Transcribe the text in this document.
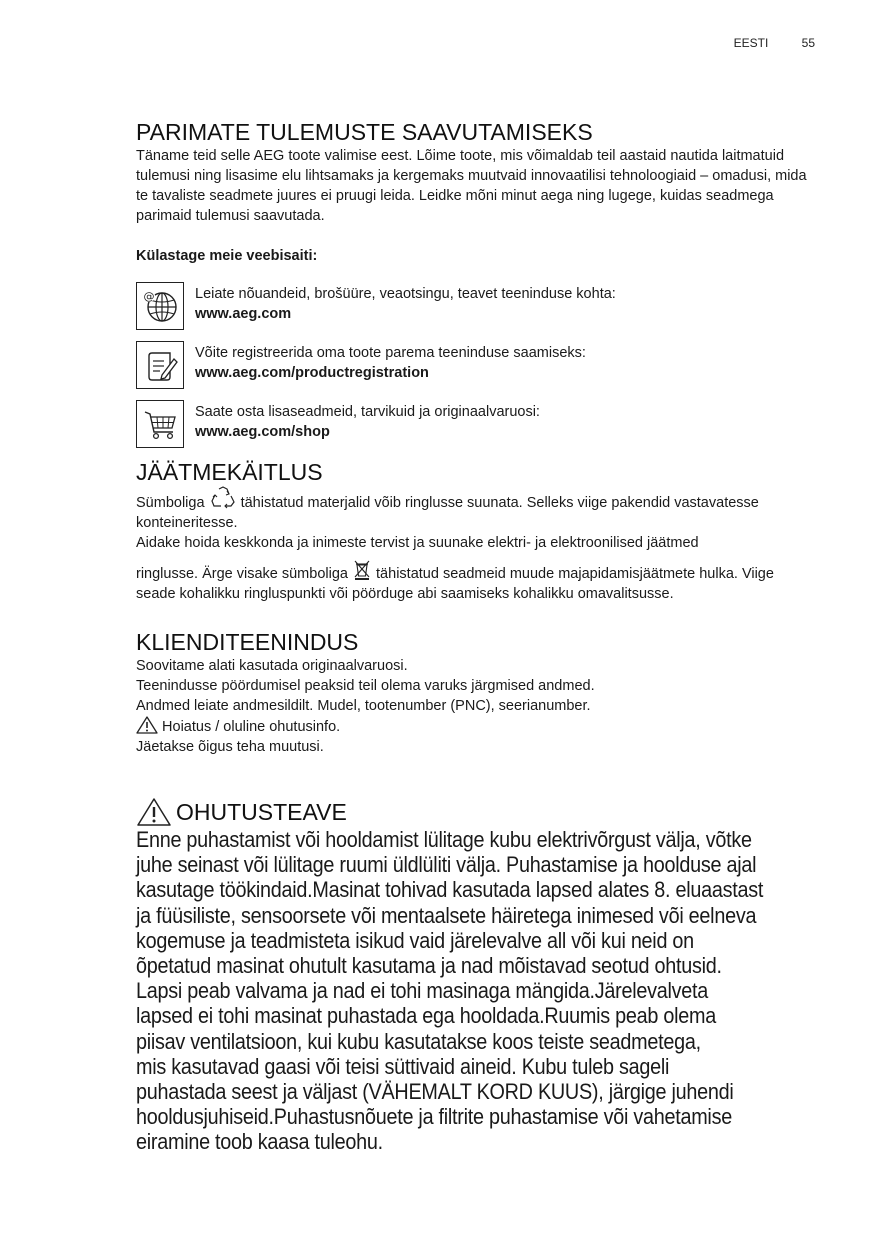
EESTI	55
PARIMATE TULEMUSTE SAAVUTAMISEKS

Täname teid selle AEG toote valimise eest. Lõime toote, mis võimaldab teil aastaid nautida laitmatuid tulemusi ning lisasime elu lihtsamaks ja kergemaks muutvaid innovaatilisi tehnoloogiaid – omadusi, mida te tavaliste seadmete juures ei pruugi leida. Leidke mõni minut aega ning lugege, kuidas seadmega parimaid tulemusi saavutada.

Külastage meie veebisaiti:

@	Leiate nõuandeid, brošüüre, veaotsingu, teavet teeninduse kohta:
www.aeg.com
Võite registreerida oma toote parema teeninduse saamiseks:
www.aeg.com/productregistration
Saate osta lisaseadmeid, tarvikuid ja originaalvaruosi:
www.aeg.com/shop
JÄÄTMEKÄITLUS

Sümboliga tähistatud materjalid võib ringlusse suunata. Selleks viige pakendid vastavatesse konteineritesse.

Aidake hoida keskkonda ja inimeste tervist ja suunake elektri- ja elektroonilised jäätmed

ringlusse. Ärge visake sümboliga tähistatud seadmeid muude majapidamisjäätmete hulka. Viige seade kohalikku ringluspunkti või pöörduge abi saamiseks kohalikku omavalitsusse.

KLIENDITEENINDUS

Soovitame alati kasutada originaalvaruosi.

Teenindusse pöördumisel peaksid teil olema varuks järgmised andmed.

Andmed leiate andmesildilt. Mudel, tootenumber (PNC), seerianumber.

Hoiatus / oluline ohutusinfo.

Jäetakse õigus teha muutusi.

OHUTUSTEAVE
Enne puhastamist või hooldamist lülitage kubu elektrivõrgust välja, võtke
juhe seinast või lülitage ruumi üldlüliti välja. Puhastamise ja hoolduse ajal
kasutage töökindaid.Masinat tohivad kasutada lapsed alates 8. eluaastast
ja füüsiliste, sensoorsete või mentaalsete häiretega inimesed või eelneva
kogemuse ja teadmisteta isikud vaid järelevalve all või kui neid on
õpetatud masinat ohutult kasutama ja nad mõistavad seotud ohtusid.
Lapsi peab valvama ja nad ei tohi masinaga mängida.Järelevalveta
lapsed ei tohi masinat puhastada ega hooldada.Ruumis peab olema
piisav ventilatsioon, kui kubu kasutatakse koos teiste seadmetega,
mis kasutavad gaasi või teisi süttivaid aineid. Kubu tuleb sageli
puhastada seest ja väljast (VÄHEMALT KORD KUUS), järgige juhendi
hooldusjuhiseid.Puhastusnõuete ja filtrite puhastamise või vahetamise
eiramine toob kaasa tuleohu.
